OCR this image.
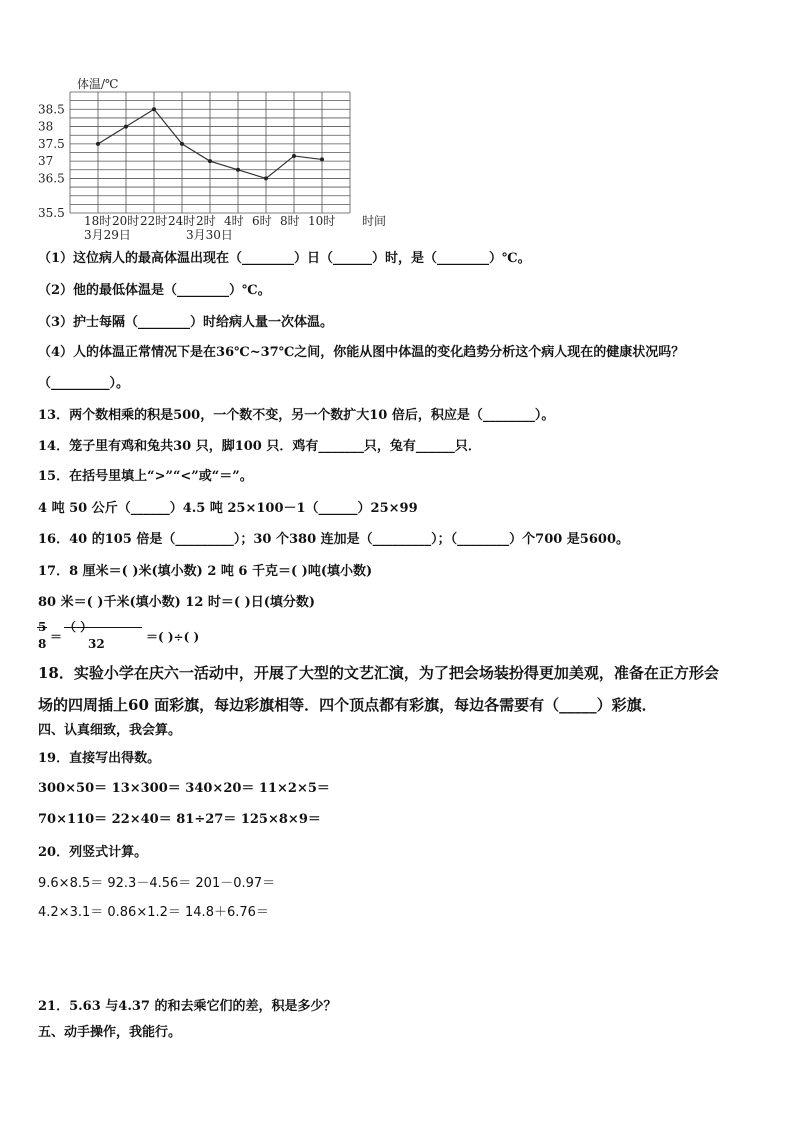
38.5
38
37.5
37
36.5
35.5
体温/℃
18时 20时 22时 24时 2时 4时 6时 8时 10时 时间
3月29日	3月30日
（1）这位病人的最高体温出现在（________）日（______）时，是（________）℃。
（2）他的最低体温是（________）℃。
（3）护士每隔（________）时给病人量一次体温。
（4）人的体温正常情况下是在36℃~37℃之间，你能从图中体温的变化趋势分析这个病人现在的健康状况吗？
（_________）。
13．两个数相乘的积是500，一个数不变，另一个数扩大10 倍后，积应是（________）。
14．笼子里有鸡和兔共30 只，脚100 只．鸡有_______只，兔有______只．
15．在括号里填上“>”“<”或“＝”。
4 吨 50 公斤（______）4.5 吨 25×100－1（______）25×99
16．40 的105 倍是（_________）；30 个380 连加是（_________）；（________）个700 是5600。
17．8 厘米＝( )米(填小数) 2 吨 6 千克＝( )吨(填小数)
80 米＝( )千米(填小数) 12 时＝( )日(填分数)
5
8 ＝
（ ）
32	＝( )÷( )
18．实验小学在庆六一活动中，开展了大型的文艺汇演，为了把会场装扮得更加美观，准备在正方形会
场的四周插上60 面彩旗，每边彩旗相等．四个顶点都有彩旗，每边各需要有（_____）彩旗．
四、认真细致，我会算。
19．直接写出得数。
300×50＝ 13×300＝ 340×20＝ 11×2×5＝
70×110＝ 22×40＝ 81÷27＝ 125×8×9＝
20．列竖式计算。
9.6×8.5＝ 92.3－4.56＝ 201－0.97＝
4.2×3.1＝ 0.86×1.2＝ 14.8＋6.76＝
21．5.63 与4.37 的和去乘它们的差，积是多少？
五、动手操作，我能行。
